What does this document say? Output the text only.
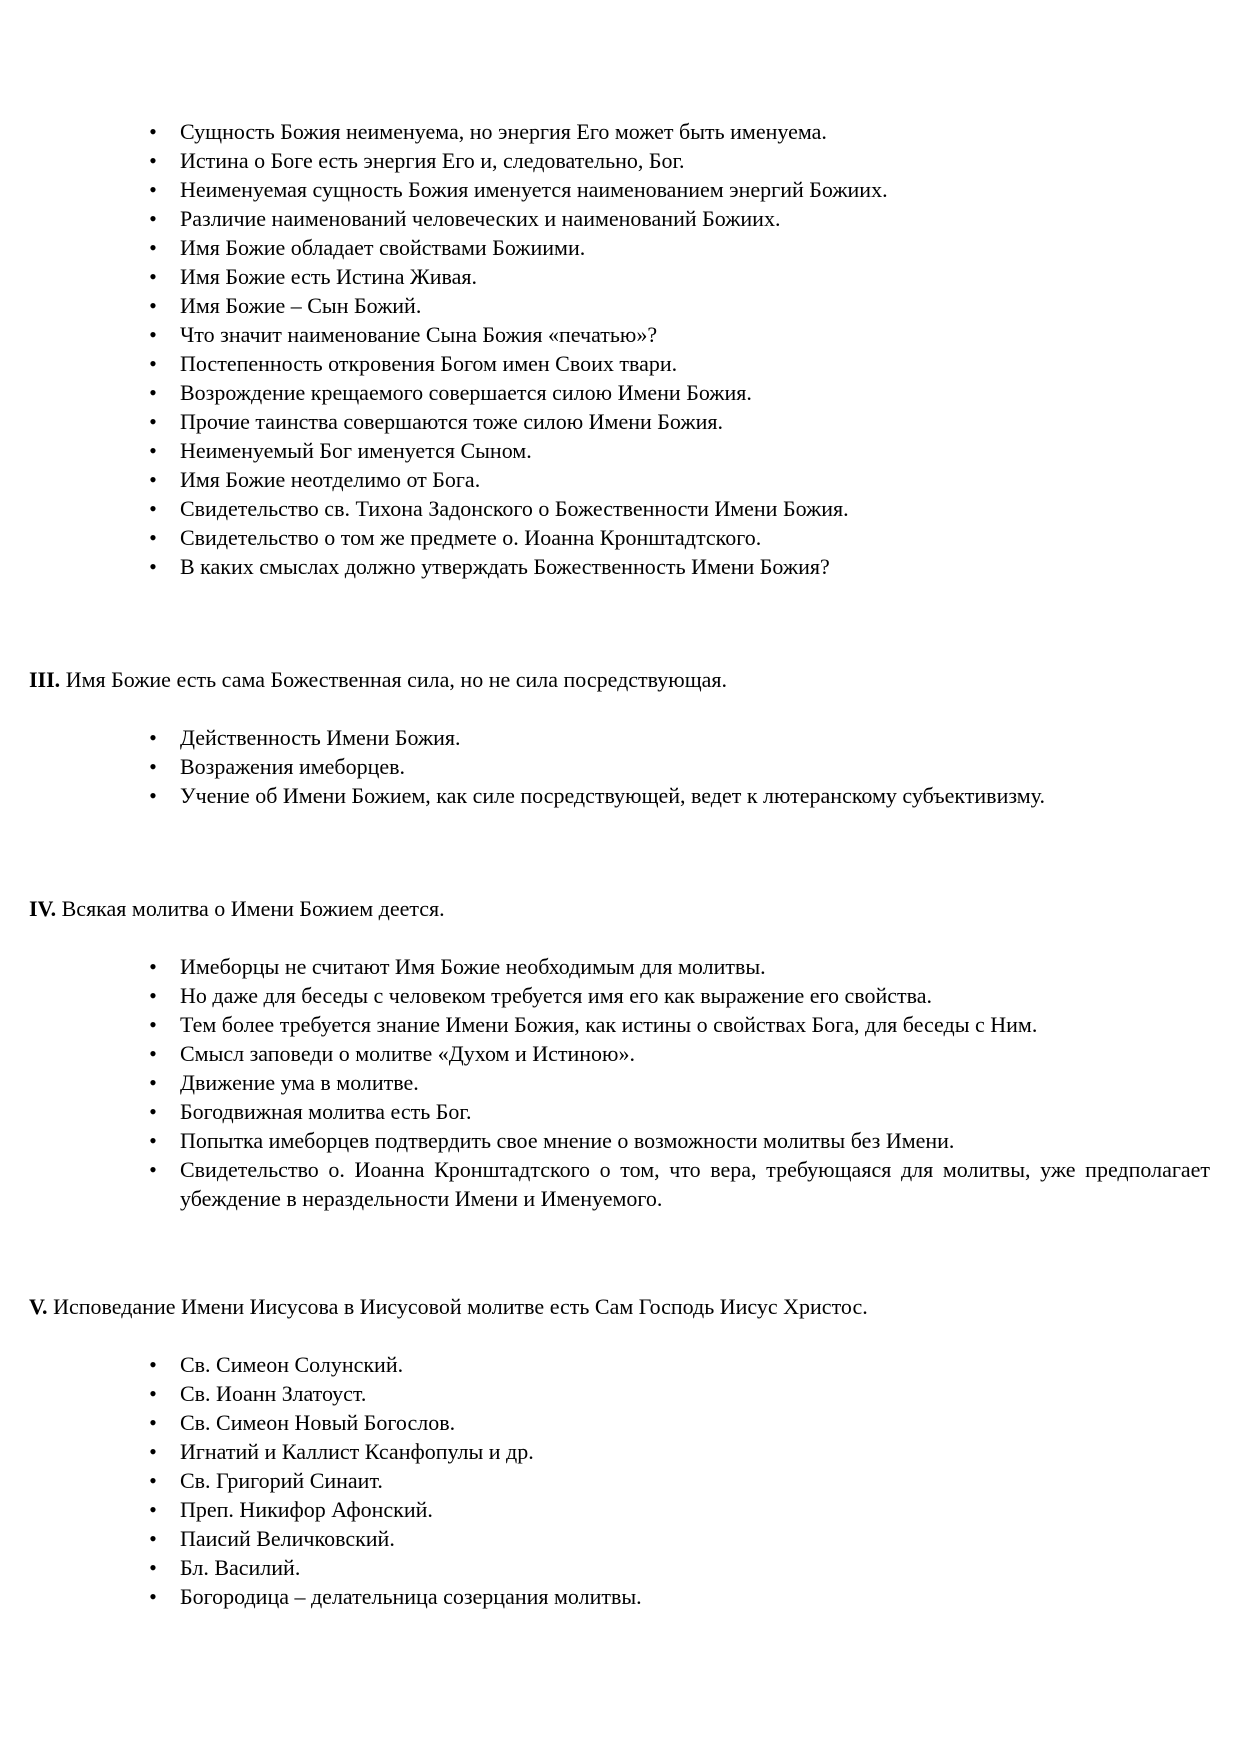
• Сущность Божия неименуема, но энергия Его может быть именуема.
• Истина о Боге есть энергия Его и, следовательно, Бог.
• Неименуемая сущность Божия именуется наименованием энергий Божиих.
• Различие наименований человеческих и наименований Божиих.
• Имя Божие обладает свойствами Божиими.
• Имя Божие есть Истина Живая.
• Имя Божие – Сын Божий.
• Что значит наименование Сына Божия «печатью»?
• Постепенность откровения Богом имен Своих твари.
• Возрождение крещаемого совершается силою Имени Божия.
• Прочие таинства совершаются тоже силою Имени Божия.
• Неименуемый Бог именуется Сыном.
• Имя Божие неотделимо от Бога.
• Свидетельство св. Тихона Задонского о Божественности Имени Божия.
• Свидетельство о том же предмете о. Иоанна Кронштадтского.
• В каких смыслах должно утверждать Божественность Имени Божия?

III. Имя Божие есть сама Божественная сила, но не сила посредствующая.

• Действенность Имени Божия.
• Возражения имеборцев.
• Учение об Имени Божием, как силе посредствующей, ведет к лютеранскому субъективизму.

IV. Всякая молитва о Имени Божием деется.

• Имеборцы не считают Имя Божие необходимым для молитвы.
• Но даже для беседы с человеком требуется имя его как выражение его свойства.
• Тем более требуется знание Имени Божия, как истины о свойствах Бога, для беседы с Ним.
• Смысл заповеди о молитве «Духом и Истиною».
• Движение ума в молитве.
• Богодвижная молитва есть Бог.
• Попытка имеборцев подтвердить свое мнение о возможности молитвы без Имени.
• Свидетельство о. Иоанна Кронштадтского о том, что вера, требующаяся для молитвы, уже предполагает убеждение в нераздельности Имени и Именуемого.

V. Исповедание Имени Иисусова в Иисусовой молитве есть Сам Господь Иисус Христос.

• Св. Симеон Солунский.
• Св. Иоанн Златоуст.
• Св. Симеон Новый Богослов.
• Игнатий и Каллист Ксанфопулы и др.
• Св. Григорий Синаит.
• Преп. Никифор Афонский.
• Паисий Величковский.
• Бл. Василий.
• Богородица – делательница созерцания молитвы.
